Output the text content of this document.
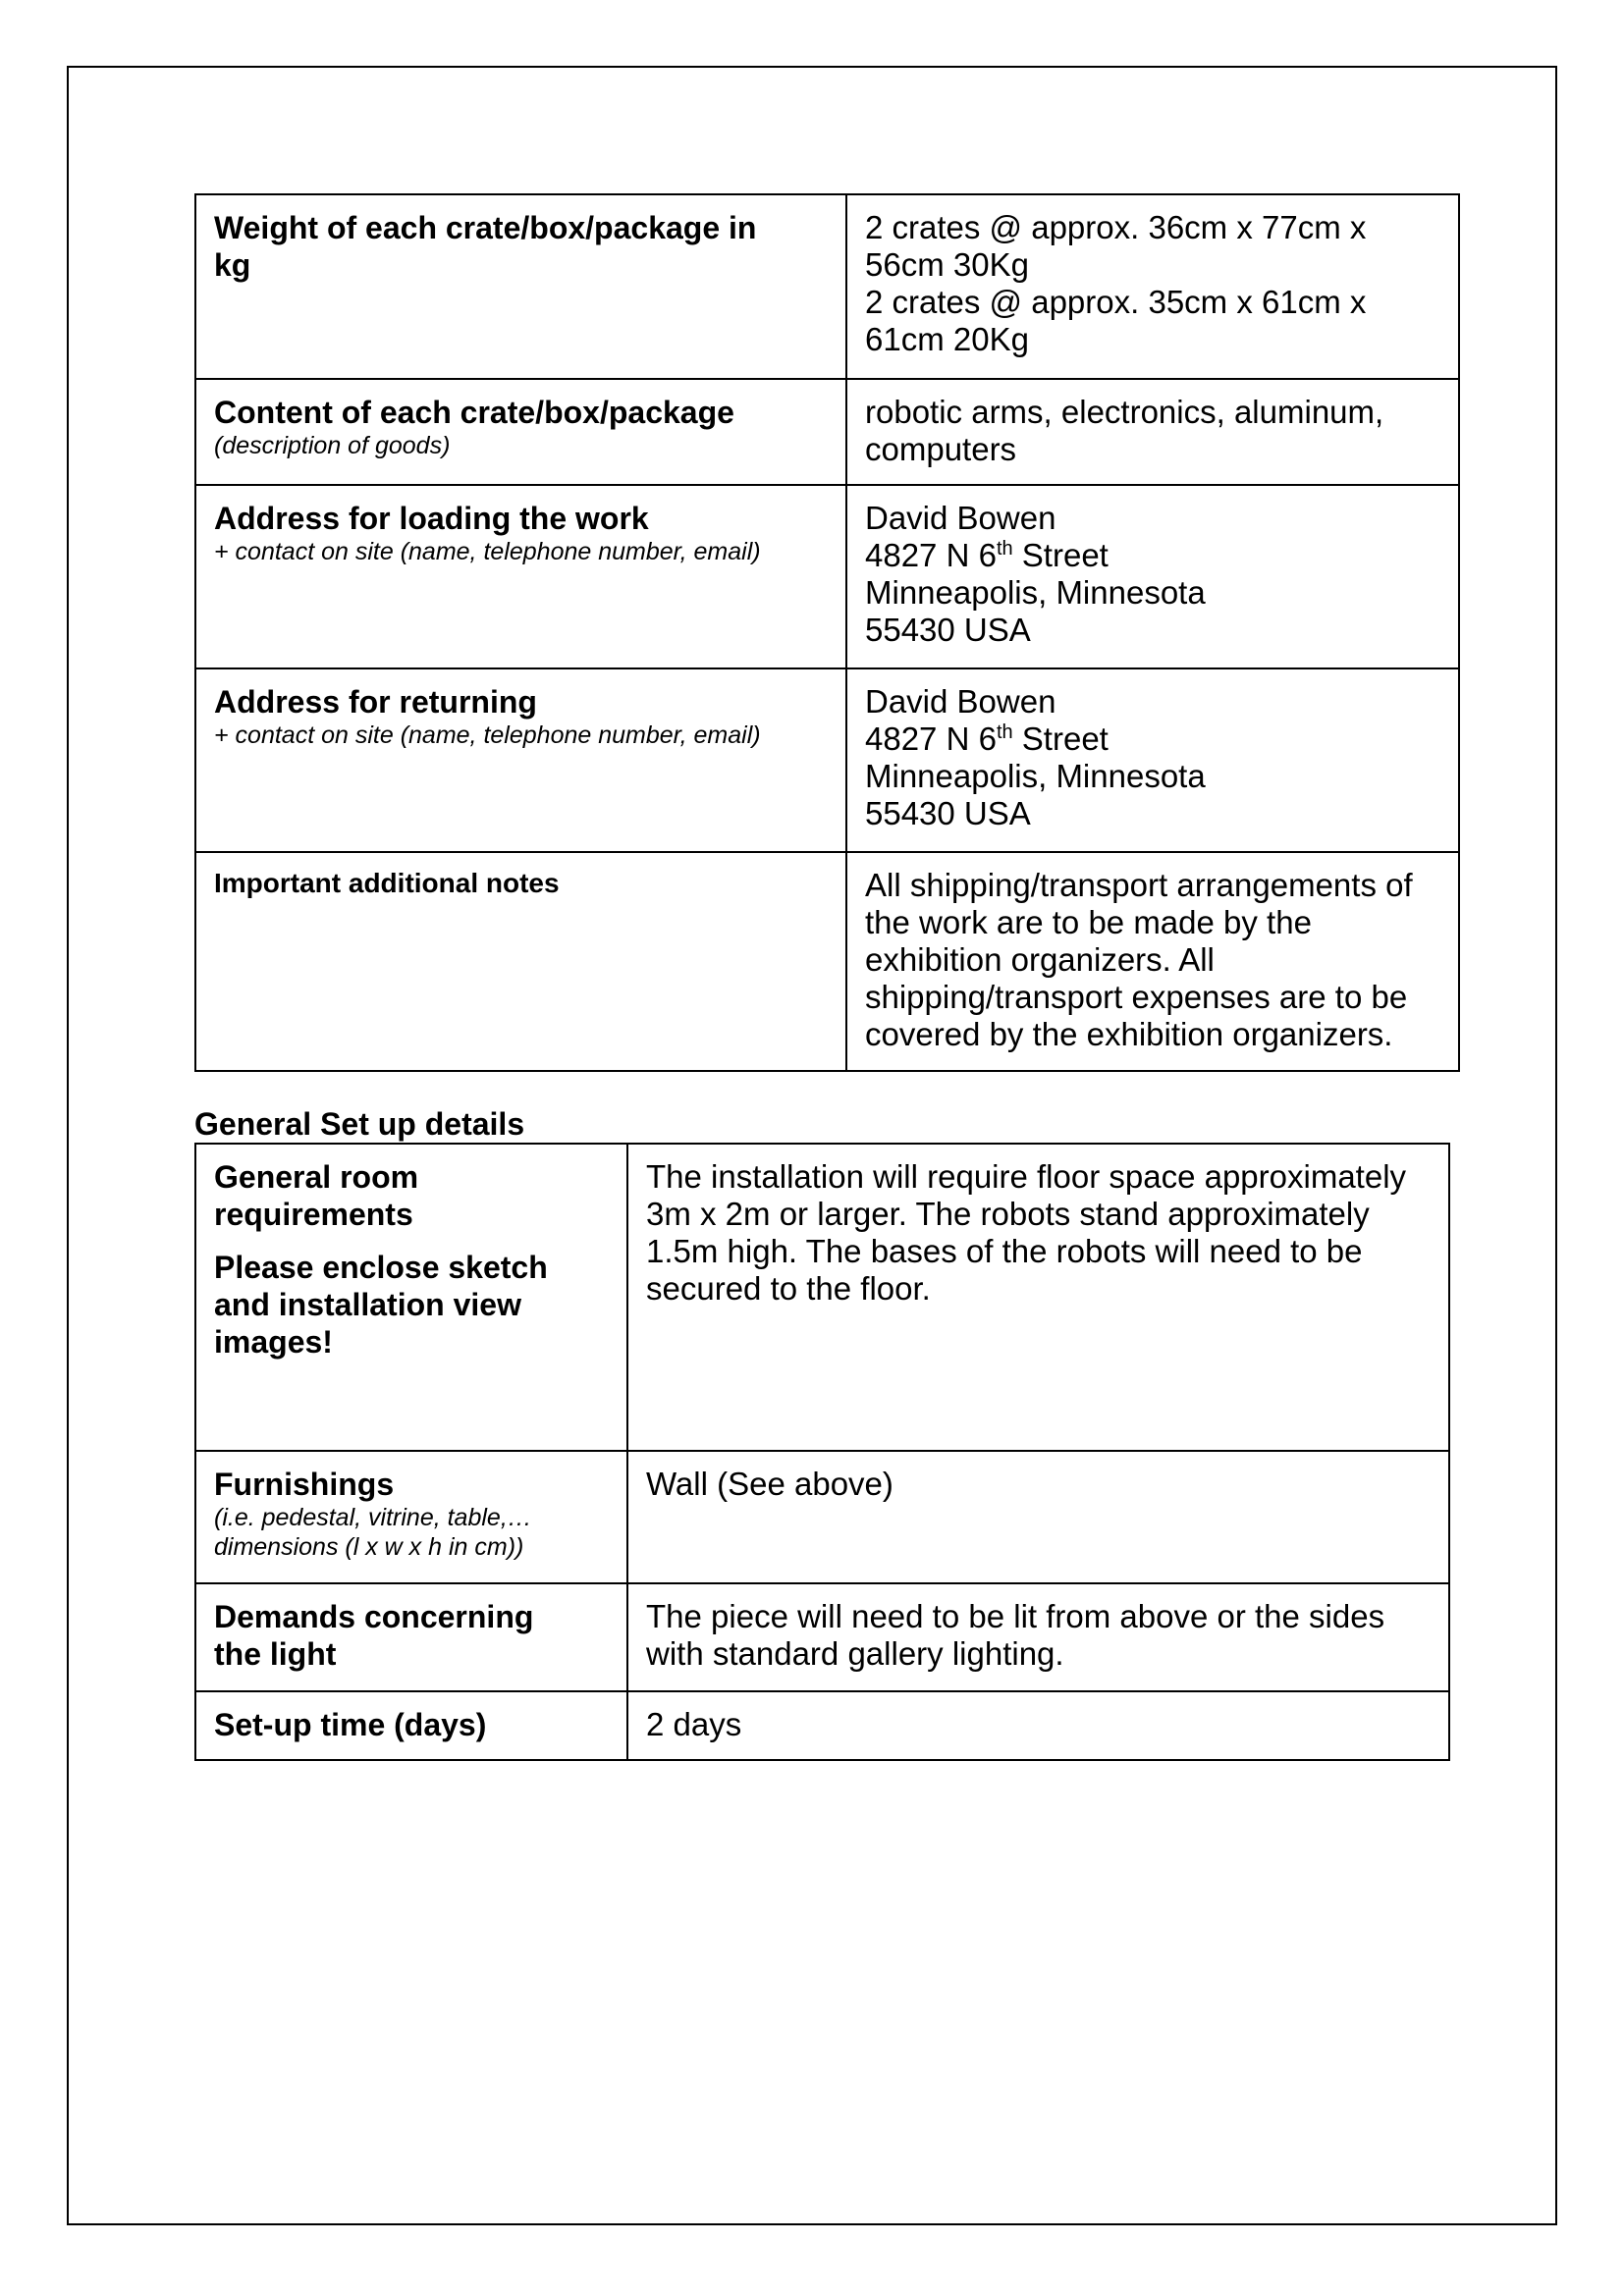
Weight of each crate/box/package in kg	2 crates @ approx. 36cm x 77cm x
56cm 30Kg
2 crates @ approx. 35cm x 61cm x
61cm 20Kg

Content of each crate/box/package
(description of goods)	robotic arms, electronics, aluminum,
computers

Address for loading the work
+ contact on site (name, telephone number, email)	David Bowen
4827 N 6th Street
Minneapolis, Minnesota
55430 USA

Address for returning
+ contact on site (name, telephone number, email)	David Bowen
4827 N 6th Street
Minneapolis, Minnesota
55430 USA

Important additional notes	All shipping/transport arrangements of
the work are to be made by the
exhibition organizers. All
shipping/transport expenses are to be
covered by the exhibition organizers.
General Set up details
General room
requirements
Please enclose sketch
and installation view
images!	The installation will require floor space approximately
3m x 2m or larger. The robots stand approximately
1.5m high. The bases of the robots will need to be
secured to the floor.

Furnishings
(i.e. pedestal, vitrine, table,…
dimensions (l x w x h in cm))	Wall (See above)

Demands concerning
the light	The piece will need to be lit from above or the sides
with standard gallery lighting.

Set-up time (days)	2 days
